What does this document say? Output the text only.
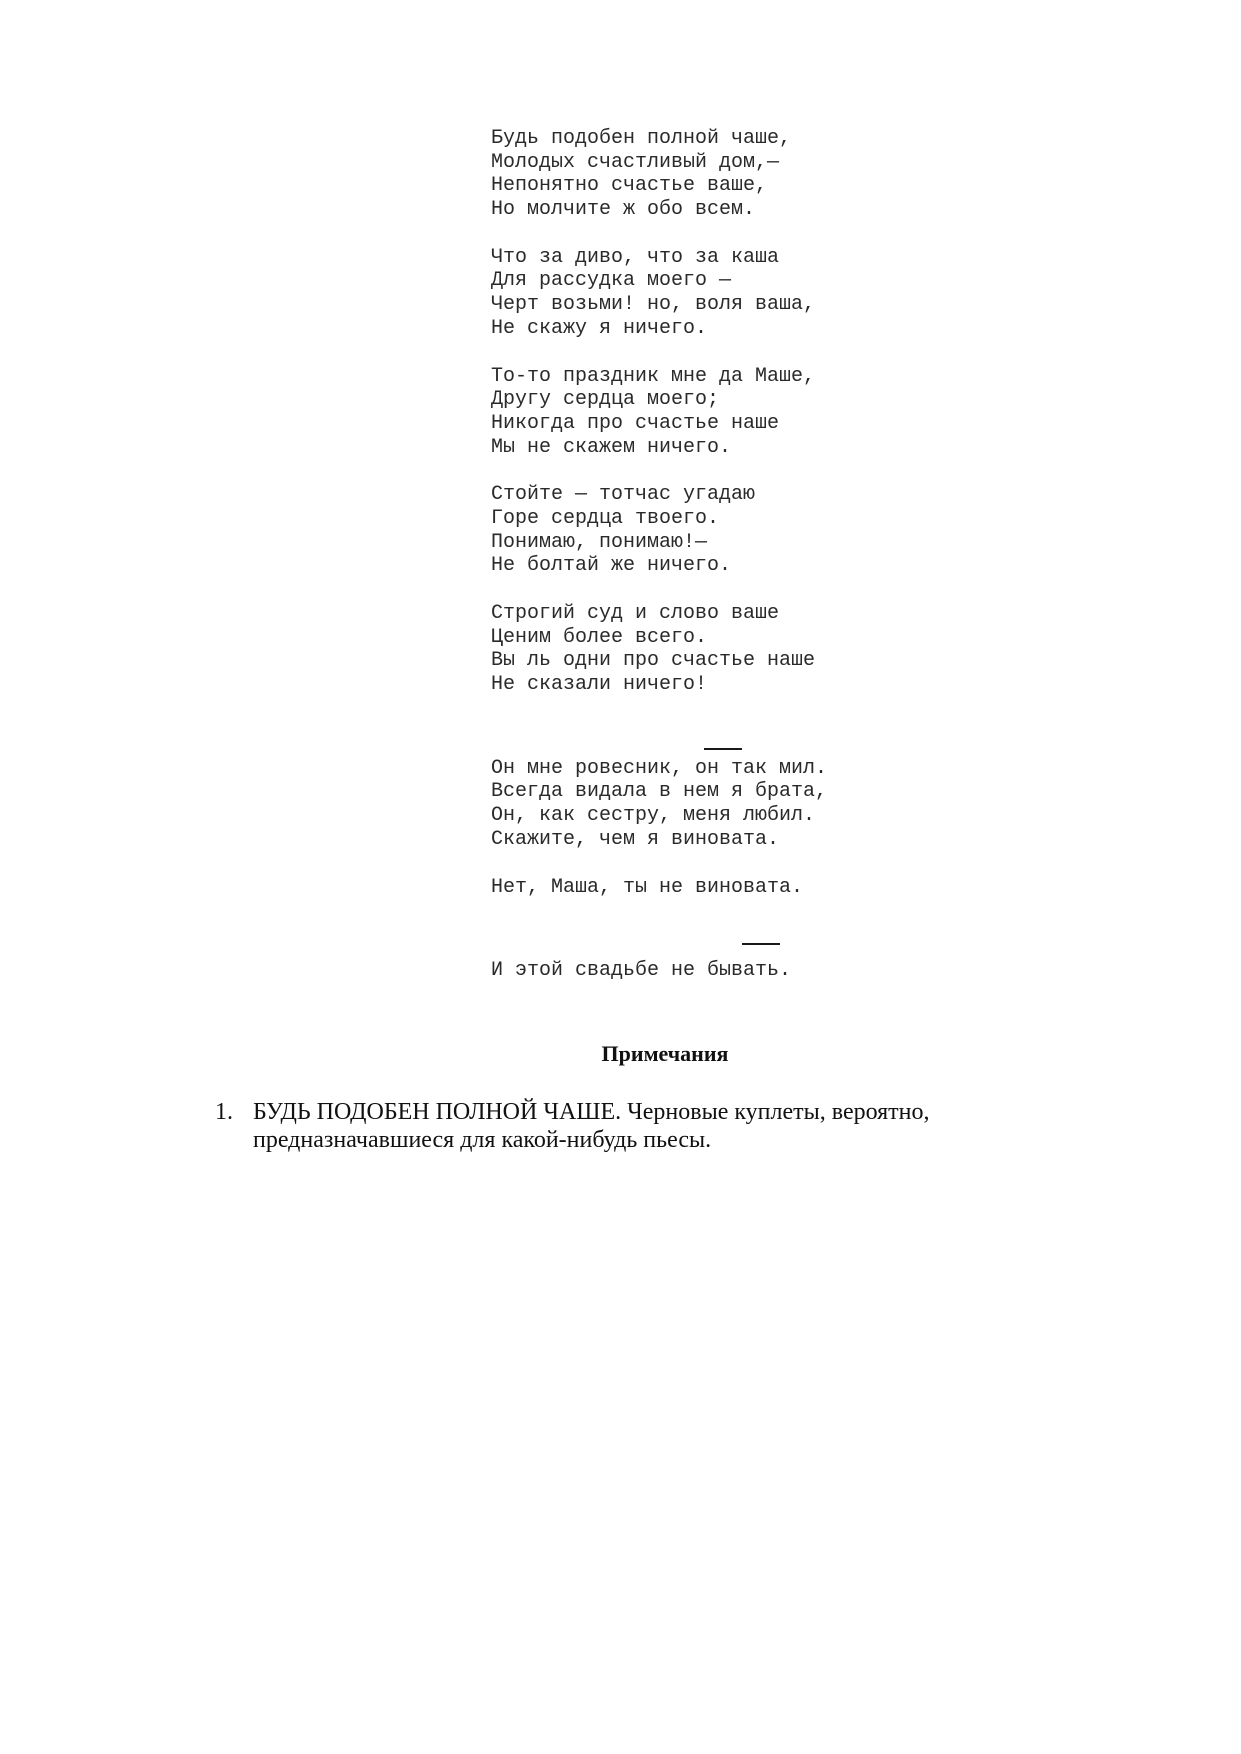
Будь подобен полной чаше,
Молодых счастливый дом,—
Непонятно счастье ваше,
Но молчите ж обо всем.
Что за диво, что за каша
Для рассудка моего —
Черт возьми! но, воля ваша,
Не скажу я ничего.
То-то праздник мне да Маше,
Другу сердца моего;
Никогда про счастье наше
Мы не скажем ничего.
Стойте — тотчас угадаю
Горе сердца твоего.
Понимаю, понимаю!—
Не болтай же ничего.
Строгий суд и слово ваше
Ценим более всего.
Вы ль одни про счастье наше
Не сказали ничего!
Он мне ровесник, он так мил.
Всегда видала в нем я брата,
Он, как сестру, меня любил.
Скажите, чем я виновата.
Нет, Маша, ты не виновата.
И этой свадьбе не бывать.
Примечания
1. БУДЬ ПОДОБЕН ПОЛНОЙ ЧАШЕ. Черновые куплеты, вероятно,
предназначавшиеся для какой-нибудь пьесы.
